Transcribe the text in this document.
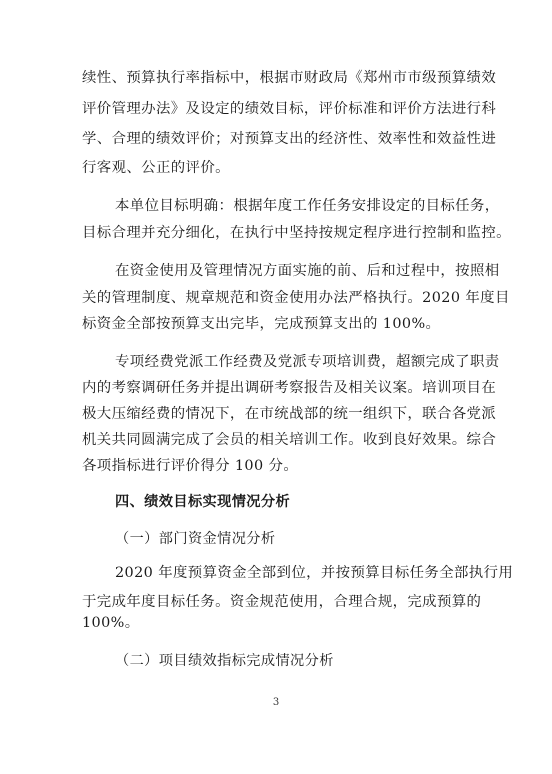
续性、预算执行率指标中，根据市财政局《郑州市市级预算绩效
评价管理办法》及设定的绩效目标，评价标准和评价方法进行科
学、合理的绩效评价；对预算支出的经济性、效率性和效益性进
行客观、公正的评价。
本单位目标明确：根据年度工作任务安排设定的目标任务，
目标合理并充分细化，在执行中坚持按规定程序进行控制和监控。
在资金使用及管理情况方面实施的前、后和过程中，按照相
关的管理制度、规章规范和资金使用办法严格执行。2020 年度目
标资金全部按预算支出完毕，完成预算支出的 100%。
专项经费党派工作经费及党派专项培训费，超额完成了职责
内的考察调研任务并提出调研考察报告及相关议案。培训项目在
极大压缩经费的情况下，在市统战部的统一组织下，联合各党派
机关共同圆满完成了会员的相关培训工作。收到良好效果。综合
各项指标进行评价得分 100 分。
四、绩效目标实现情况分析
（一）部门资金情况分析
2020 年度预算资金全部到位，并按预算目标任务全部执行用
于完成年度目标任务。资金规范使用，合理合规，完成预算的
100%。
3
（二）项目绩效指标完成情况分析
